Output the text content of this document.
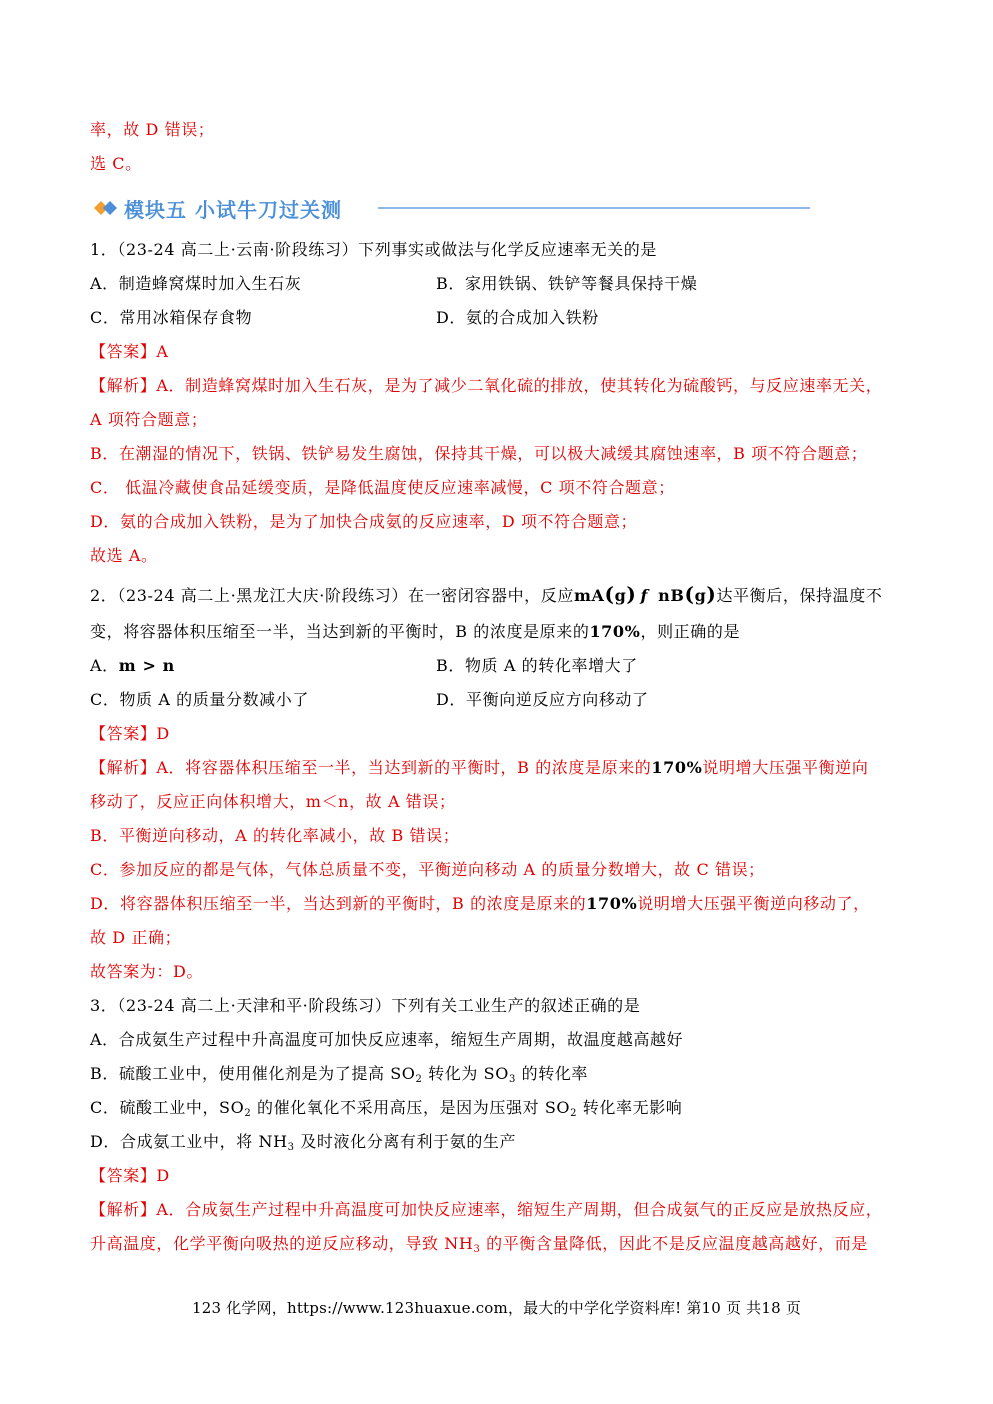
率，故 D 错误；
选 C。
模块五 小试牛刀过关测
1．（23-24 高二上·云南·阶段练习）下列事实或做法与化学反应速率无关的是
A．制造蜂窝煤时加入生石灰	B．家用铁锅、铁铲等餐具保持干燥
C．常用冰箱保存食物	D．氨的合成加入铁粉
【答案】A
【解析】A．制造蜂窝煤时加入生石灰，是为了减少二氧化硫的排放，使其转化为硫酸钙，与反应速率无关，
A 项符合题意；
B．在潮湿的情况下，铁锅、铁铲易发生腐蚀，保持其干燥，可以极大减缓其腐蚀速率，B 项不符合题意；
C． 低温冷藏使食品延缓变质，是降低温度使反应速率减慢，C 项不符合题意；
D．氨的合成加入铁粉，是为了加快合成氨的反应速率，D 项不符合题意；
故选 A。
2．（23-24 高二上·黑龙江大庆·阶段练习）在一密闭容器中，反应mA(g) f nB(g)达平衡后，保持温度不
变，将容器体积压缩至一半，当达到新的平衡时，B 的浓度是原来的170%，则正确的是
A．m > n	B．物质 A 的转化率增大了
C．物质 A 的质量分数减小了	D．平衡向逆反应方向移动了
【答案】D
【解析】A．将容器体积压缩至一半，当达到新的平衡时，B 的浓度是原来的170%说明增大压强平衡逆向
移动了，反应正向体积增大，m＜n，故 A 错误；
B．平衡逆向移动，A 的转化率减小，故 B 错误；
C．参加反应的都是气体，气体总质量不变，平衡逆向移动 A 的质量分数增大，故 C 错误；
D．将容器体积压缩至一半，当达到新的平衡时，B 的浓度是原来的170%说明增大压强平衡逆向移动了，
故 D 正确；
故答案为：D。
3．（23-24 高二上·天津和平·阶段练习）下列有关工业生产的叙述正确的是
A．合成氨生产过程中升高温度可加快反应速率，缩短生产周期，故温度越高越好
B．硫酸工业中，使用催化剂是为了提高 $SO_2$ 转化为 $SO_3$ 的转化率
C．硫酸工业中，$SO_2$ 的催化氧化不采用高压，是因为压强对 $SO_2$ 转化率无影响
D．合成氨工业中，将 $NH_3$ 及时液化分离有利于氨的生产
【答案】D
【解析】A．合成氨生产过程中升高温度可加快反应速率，缩短生产周期，但合成氨气的正反应是放热反应，
升高温度，化学平衡向吸热的逆反应移动，导致 $NH_3$ 的平衡含量降低，因此不是反应温度越高越好，而是
123 化学网，https://www.123huaxue.com，最大的中学化学资料库! 第10 页 共18 页
